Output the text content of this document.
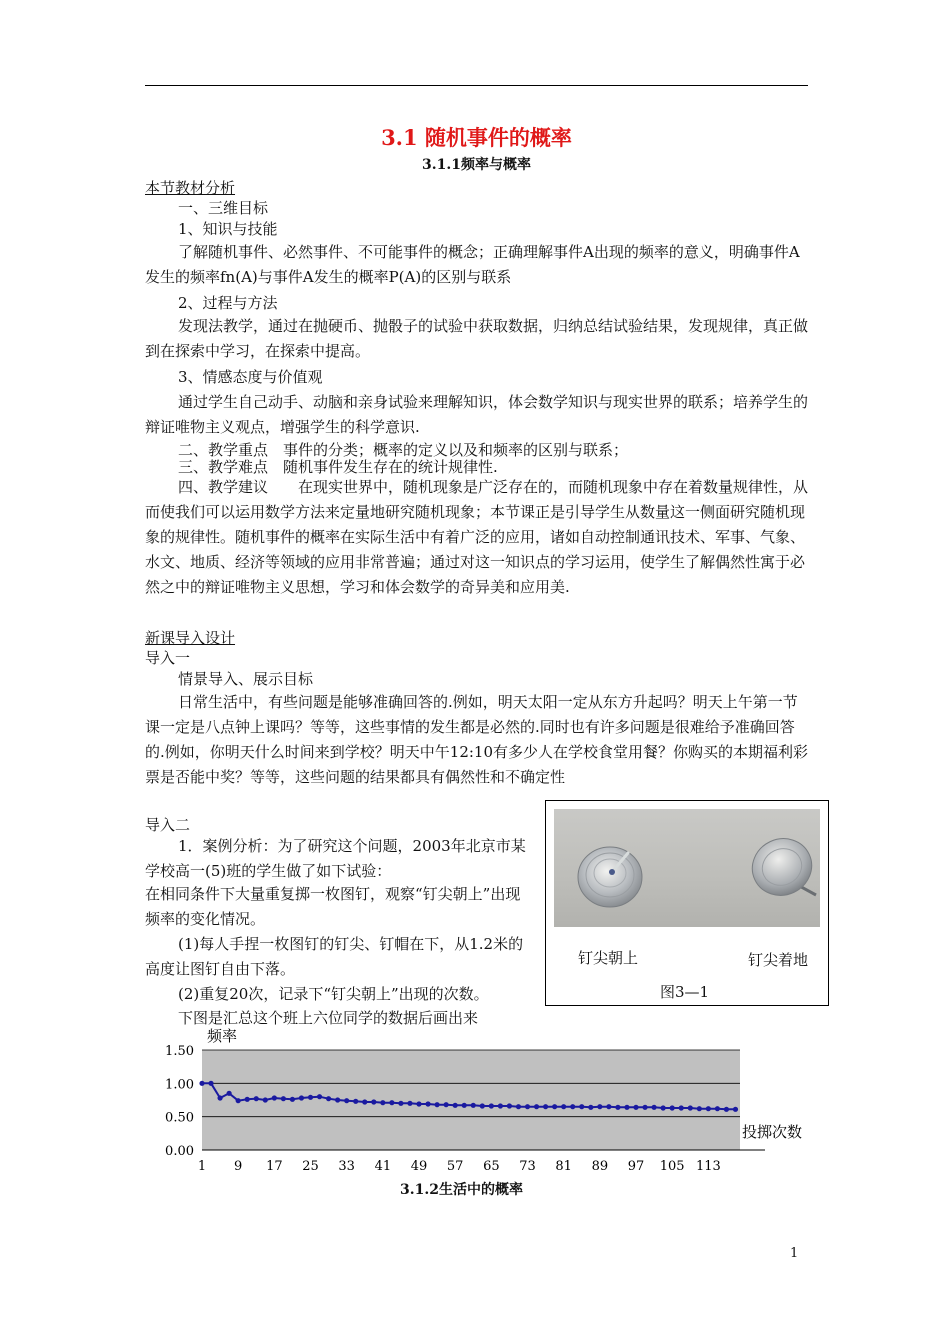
3.1 随机事件的概率
3.1.1频率与概率
本节教材分析
一、三维目标
1、知识与技能
了解随机事件、必然事件、不可能事件的概念；正确理解事件A出现的频率的意义，明确事件A发生的频率fn(A)与事件A发生的概率P(A)的区别与联系
2、过程与方法
发现法教学，通过在抛硬币、抛骰子的试验中获取数据，归纳总结试验结果，发现规律，真正做到在探索中学习，在探索中提高。
3、情感态度与价值观
通过学生自己动手、动脑和亲身试验来理解知识，体会数学知识与现实世界的联系；培养学生的辩证唯物主义观点，增强学生的科学意识.
二、教学重点　事件的分类；概率的定义以及和频率的区别与联系；
三、教学难点　随机事件发生存在的统计规律性.
四、教学建议　　在现实世界中，随机现象是广泛存在的，而随机现象中存在着数量规律性，从而使我们可以运用数学方法来定量地研究随机现象；本节课正是引导学生从数量这一侧面研究随机现象的规律性。随机事件的概率在实际生活中有着广泛的应用，诸如自动控制通讯技术、军事、气象、水文、地质、经济等领域的应用非常普遍；通过对这一知识点的学习运用，使学生了解偶然性寓于必然之中的辩证唯物主义思想，学习和体会数学的奇异美和应用美.
新课导入设计
导入一
情景导入、展示目标
日常生活中，有些问题是能够准确回答的.例如，明天太阳一定从东方升起吗？明天上午第一节课一定是八点钟上课吗？等等，这些事情的发生都是必然的.同时也有许多问题是很难给予准确回答的.例如，你明天什么时间来到学校？明天中午12:10有多少人在学校食堂用餐？你购买的本期福利彩票是否能中奖？等等，这些问题的结果都具有偶然性和不确定性
导入二
1．案例分析：为了研究这个问题，2003年北京市某学校高一(5)班的学生做了如下试验：
在相同条件下大量重复掷一枚图钉，观察“钉尖朝上”出现频率的变化情况。
(1)每人手捏一枚图钉的钉尖、钉帽在下，从1.2米的高度让图钉自由下落。
(2)重复20次，记录下“钉尖朝上”出现的次数。
下图是汇总这个班上六位同学的数据后画出来
钉尖朝上	钉尖着地
图3—1
频率
投掷次数
0.00
0.50
1.00
1.50
1 9 17 25 33 41 49 57 65 73 81 89 97 105 113
3.1.2生活中的概率
1
